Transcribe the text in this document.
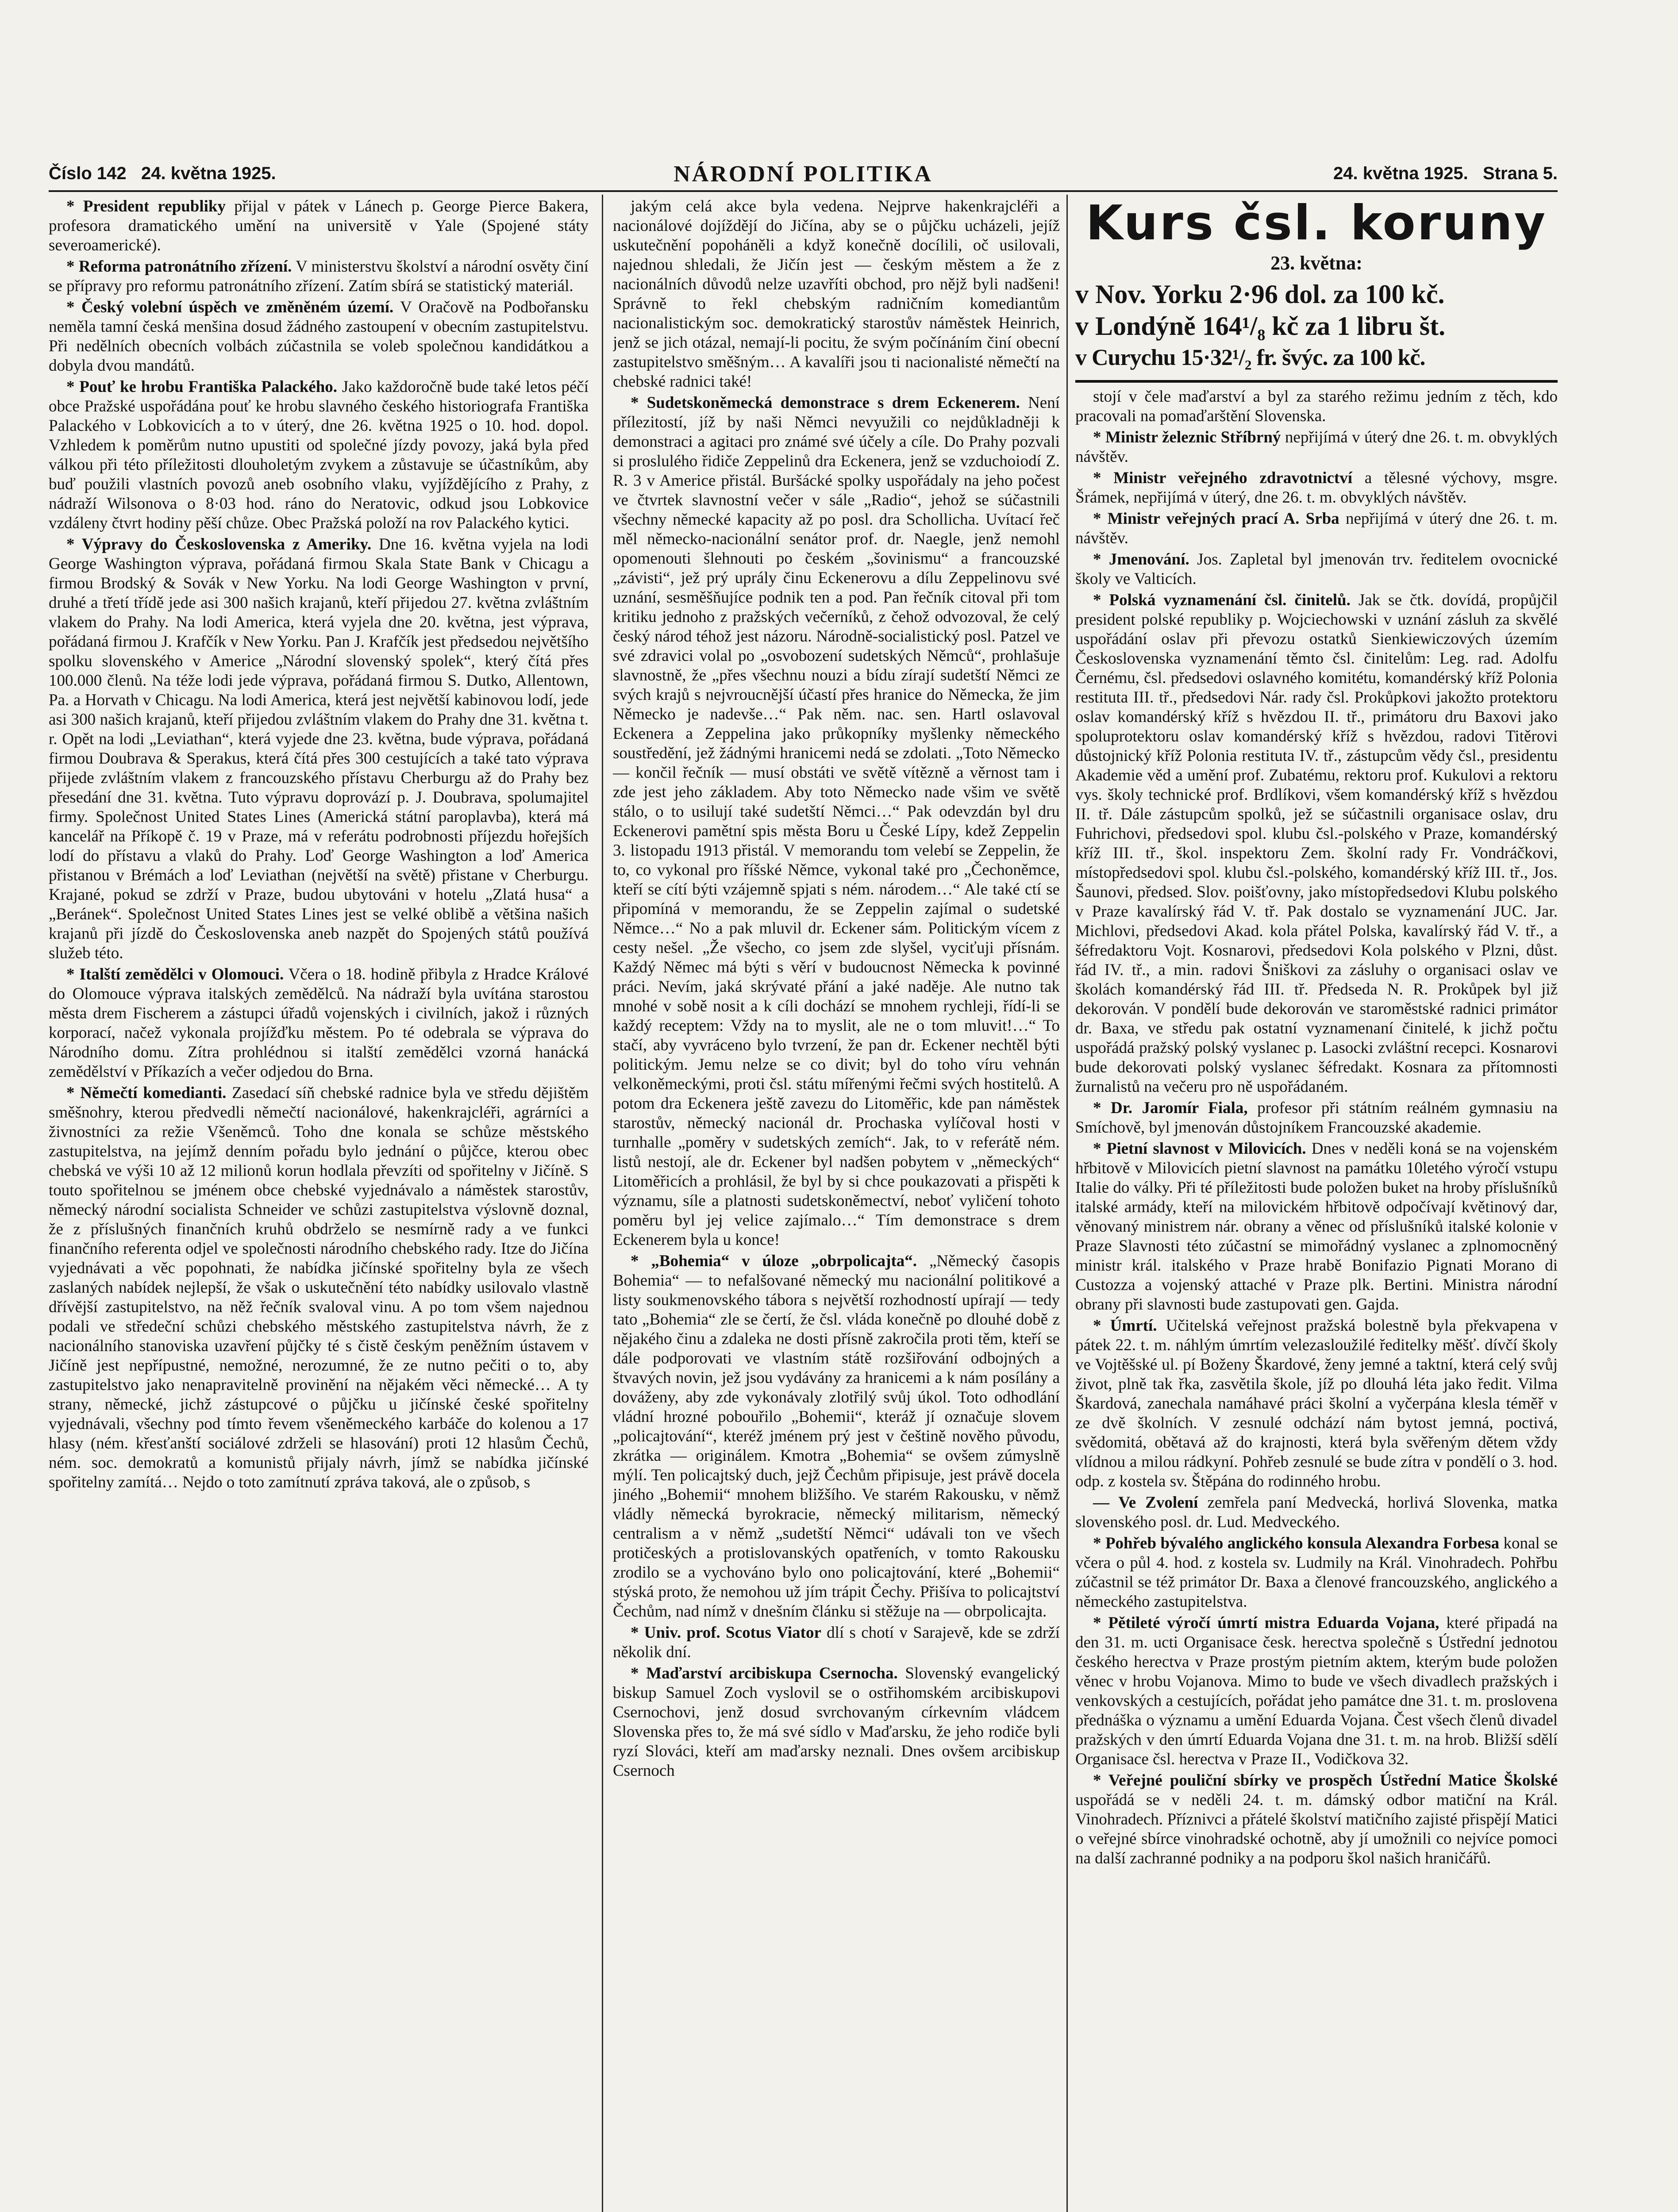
Číslo 142 24. května 1925.	NÁRODNÍ POLITIKA	24. května 1925. Strana 5.

* President republiky přijal v pátek v Lánech p. George Pierce Bakera, profesora dramatického umění na universitě v Yale (Spojené státy severoamerické).

* Reforma patronátního zřízení. V ministerstvu školství a národní osvěty činí se přípravy pro reformu patronátního zřízení. Zatím sbírá se statistický materiál.

* Český volební úspěch ve změněném území. V Oračově na Podbořansku neměla tamní česká menšina dosud žádného zastoupení v obecním zastupitelstvu. Při nedělních obecních volbách zúčastnila se voleb společnou kandidátkou a dobyla dvou mandátů.

* Pouť ke hrobu Františka Palackého. Jako každoročně bude také letos péčí obce Pražské uspořádána pouť ke hrobu slavného českého historiografa Františka Palackého v Lobkovicích a to v úterý, dne 26. května 1925 o 10. hod. dopol. Vzhledem k poměrům nutno upustiti od společné jízdy povozy, jaká byla před válkou při této příležitosti dlouholetým zvykem a zůstavuje se účastníkům, aby buď použili vlastních povozů aneb osobního vlaku, vyjíždějícího z Prahy, z nádraží Wilsonova o 8·03 hod. ráno do Neratovic, odkud jsou Lobkovice vzdáleny čtvrt hodiny pěší chůze. Obec Pražská položí na rov Palackého kytici.

* Výpravy do Československa z Ameriky. Dne 16. května vyjela na lodi George Washington výprava, pořádaná firmou Skala State Bank v Chicagu a firmou Brodský & Sovák v New Yorku. Na lodi George Washington v první, druhé a třetí třídě jede asi 300 našich krajanů, kteří přijedou 27. května zvláštním vlakem do Prahy. Na lodi America, která vyjela dne 20. května, jest výprava, pořádaná firmou J. Krafčík v New Yorku. Pan J. Krafčík jest předsedou největšího spolku slovenského v Americe „Národní slovenský spolek“, který čítá přes 100.000 členů. Na téže lodi jede výprava, pořádaná firmou S. Dutko, Allentown, Pa. a Horvath v Chicagu. Na lodi America, která jest největší kabinovou lodí, jede asi 300 našich krajanů, kteří přijedou zvláštním vlakem do Prahy dne 31. května t. r. Opět na lodi „Leviathan“, která vyjede dne 23. května, bude výprava, pořádaná firmou Doubrava & Sperakus, která čítá přes 300 cestujících a také tato výprava přijede zvláštním vlakem z francouzského přístavu Cherburgu až do Prahy bez přesedání dne 31. května. Tuto výpravu doprovází p. J. Doubrava, spolumajitel firmy. Společnost United States Lines (Americká státní paroplavba), která má kancelář na Příkopě č. 19 v Praze, má v referátu podrobnosti příjezdu hořejších lodí do přístavu a vlaků do Prahy. Loď George Washington a loď America přistanou v Brémách a loď Leviathan (největší na světě) přistane v Cherburgu. Krajané, pokud se zdrží v Praze, budou ubytováni v hotelu „Zlatá husa“ a „Beránek“. Společnost United States Lines jest se velké oblibě a většina našich krajanů při jízdě do Československa aneb nazpět do Spojených států používá služeb této.

* Italští zemědělci v Olomouci. Včera o 18. hodině přibyla z Hradce Králové do Olomouce výprava italských zemědělců. Na nádraží byla uvítána starostou města drem Fischerem a zástupci úřadů vojenských i civilních, jakož i různých korporací, načež vykonala projížďku městem. Po té odebrala se výprava do Národního domu. Zítra prohlédnou si italští zemědělci vzorná hanácká zemědělství v Příkazích a večer odjedou do Brna.

* Němečtí komedianti. Zasedací síň chebské radnice byla ve středu dějištěm směšnohry, kterou předvedli němečtí nacionálové, hakenkrajcléři, agrárníci a živnostníci za režie Všeněmců. Toho dne konala se schůze městského zastupitelstva, na jejímž denním pořadu bylo jednání o půjčce, kterou obec chebská ve výši 10 až 12 milionů korun hodlala převzíti od spořitelny v Jičíně. S touto spořitelnou se jménem obce chebské vyjednávalo a náměstek starostův, německý národní socialista Schneider ve schůzi zastupitelstva výslovně doznal, že z příslušných finančních kruhů obdrželo se nesmírně rady a ve funkci finančního referenta odjel ve společnosti národního chebského rady. Itze do Jičína vyjednávati a věc popohnati, že nabídka jičínské spořitelny byla ze všech zaslaných nabídek nejlepší, že však o uskutečnění této nabídky usilovalo vlastně dřívější zastupitelstvo, na něž řečník svaloval vinu. A po tom všem najednou podali ve středeční schůzi chebského městského zastupitelstva návrh, že z nacionálního stanoviska uzavření půjčky té s čistě českým peněžním ústavem v Jičíně jest nepřípustné, nemožné, nerozumné, že ze nutno pečiti o to, aby zastupitelstvo jako nenapravitelně provinění na nějakém věci německé… A ty strany, německé, jichž zástupcové o půjčku u jičínské české spořitelny vyjednávali, všechny pod tímto řevem všeněmeckého karbáče do kolenou a 17 hlasy (ném. křesťanští sociálové zdrželi se hlasování) proti 12 hlasům Čechů, ném. soc. demokratů a komunistů přijaly návrh, jímž se nabídka jičínské spořitelny zamítá… Nejdo o toto zamítnutí zpráva taková, ale o způsob, s

jakým celá akce byla vedena. Nejprve hakenkrajcléři a nacionálové dojíždějí do Jičína, aby se o půjčku ucházeli, jejíž uskutečnění popoháněli a když konečně docílili, oč usilovali, najednou shledali, že Jičín jest — českým městem a že z nacionálních důvodů nelze uzavříti obchod, pro nějž byli nadšeni! Správně to řekl chebským radničním komediantům nacionalistickým soc. demokratický starostův náměstek Heinrich, jenž se jich otázal, nemají-li pocitu, že svým počínáním činí obecní zastupitelstvo směšným… A kavalíři jsou ti nacionalisté němečtí na chebské radnici také!

* Sudetskoněmecká demonstrace s drem Eckenerem. Není přílezitostí, jíž by naši Němci nevyužili co nejdůkladněji k demonstraci a agitaci pro známé své účely a cíle. Do Prahy pozvali si proslulého řidiče Zeppelinů dra Eckenera, jenž se vzduchoiodí Z. R. 3 v Americe přistál. Buršácké spolky uspořádaly na jeho počest ve čtvrtek slavnostní večer v sále „Radio“, jehož se súčastnili všechny německé kapacity až po posl. dra Schollicha. Uvítací řeč měl německo-nacionální senátor prof. dr. Naegle, jenž nemohl opomenouti šlehnouti po českém „šovinismu“ a francouzské „závisti“, jež prý uprály činu Eckenerovu a dílu Zeppelinovu své uznání, sesměšňujíce podnik ten a pod. Pan řečník citoval při tom kritiku jednoho z pražských večerníků, z čehož odvozoval, že celý český národ téhož jest názoru. Národně-socialistický posl. Patzel ve své zdravici volal po „osvobození sudetských Němců“, prohlašuje slavnostně, že „přes všechnu nouzi a bídu zírají sudetští Němci ze svých krajů s nejvroucnější účastí přes hranice do Německa, že jim Německo je nadevše…“ Pak něm. nac. sen. Hartl oslavoval Eckenera a Zeppelina jako průkopníky myšlenky německého soustředění, jež žádnými hranicemi nedá se zdolati. „Toto Německo — končil řečník — musí obstáti ve světě vítězně a věrnost tam i zde jest jeho základem. Aby toto Německo nade všim ve světě stálo, o to usilují také sudetští Němci…“ Pak odevzdán byl dru Eckenerovi pamětní spis města Boru u České Lípy, kdež Zeppelin 3. listopadu 1913 přistál. V memorandu tom velebí se Zeppelin, že to, co vykonal pro říšské Němce, vykonal také pro „Čechoněmce, kteří se cítí býti vzájemně spjati s ném. národem…“ Ale také ctí se připomíná v memorandu, že se Zeppelin zajímal o sudetské Němce…“ No a pak mluvil dr. Eckener sám. Politickým vícem z cesty nešel. „Že všecho, co jsem zde slyšel, vyciťuji přísnám. Každý Němec má býti s věrí v budoucnost Německa k povinné práci. Nevím, jaká skrývaté přání a jaké naděje. Ale nutno tak mnohé v sobě nosit a k cíli dochází se mnohem rychleji, řídí-li se každý receptem: Vždy na to myslit, ale ne o tom mluvit!…“ To stačí, aby vyvráceno bylo tvrzení, že pan dr. Eckener nechtěl býti politickým. Jemu nelze se co divit; byl do toho víru vehnán velkoněmeckými, proti čsl. státu mířenými řečmi svých hostitelů. A potom dra Eckenera ještě zavezu do Litoměřic, kde pan náměstek starostův, německý nacionál dr. Prochaska vylíčoval hosti v turnhalle „poměry v sudetských zemích“. Jak, to v referátě ném. listů nestojí, ale dr. Eckener byl nadšen pobytem v „německých“ Litoměřicích a prohlásil, že byl by si chce poukazovati a přispěti k významu, síle a platnosti sudetskoněmectví, neboť vyličení tohoto poměru byl jej velice zajímalo…“ Tím demonstrace s drem Eckenerem byla u konce!

* „Bohemia“ v úloze „obrpolicajta“. „Německý časopis Bohemia“ — to nefalšované německý mu nacionální politikové a listy soukmenovského tábora s největší rozhodností upírají — tedy tato „Bohemia“ zle se čertí, že čsl. vláda konečně po dlouhé době z nějakého činu a zdaleka ne dosti přísně zakročila proti těm, kteří se dále podporovati ve vlastním státě rozšiřování odbojných a štvavých novin, jež jsou vydávány za hranicemi a k nám posílány a dováženy, aby zde vykonávaly zlotřilý svůj úkol. Toto odhodlání vládní hrozné pobouřilo „Bohemii“, kteráž jí označuje slovem „policajtování“, kteréž jménem prý jest v češtině nověho původu, zkrátka — originálem. Kmotra „Bohemia“ se ovšem zúmyslně mýlí. Ten policajtský duch, jejž Čechům připisuje, jest právě docela jiného „Bohemii“ mnohem bližšího. Ve starém Rakousku, v němž vládly německá byrokracie, německý militarism, německý centralism a v němž „sudetští Němci“ udávali ton ve všech protičeských a protislovanských opatřeních, v tomto Rakousku zrodilo se a vychováno bylo ono policajtování, které „Bohemii“ stýská proto, že nemohou už jím trápit Čechy. Přišíva to policajtství Čechům, nad nímž v dnešním článku si stěžuje na — obrpolicajta.

* Univ. prof. Scotus Viator dlí s chotí v Sarajevě, kde se zdrží několik dní.

* Maďarství arcibiskupa Csernocha. Slovenský evangelický biskup Samuel Zoch vyslovil se o ostřihomském arcibiskupovi Csernochovi, jenž dosud svrchovaným církevním vládcem Slovenska přes to, že má své sídlo v Maďarsku, že jeho rodiče byli ryzí Slováci, kteří am maďarsky neznali. Dnes ovšem arcibiskup Csernoch

Kurs čsl. koruny
23. května:

v Nov. Yorku 2·96 dol. za 100 kč.

v Londýně 164¹/₈ kč za 1 libru št.

v Curychu 15·32¹/₂ fr. švýc. za 100 kč.

stojí v čele maďarství a byl za starého režimu jedním z těch, kdo pracovali na pomaďarštění Slovenska.

* Ministr železnic Stříbrný nepřijímá v úterý dne 26. t. m. obvyklých návštěv.

* Ministr veřejného zdravotnictví a tělesné výchovy, msgre. Šrámek, nepřijímá v úterý, dne 26. t. m. obvyklých návštěv.

* Ministr veřejných prací A. Srba nepřijímá v úterý dne 26. t. m. návštěv.

* Jmenování. Jos. Zapletal byl jmenován trv. ředitelem ovocnické školy ve Valticích.

* Polská vyznamenání čsl. činitelů. Jak se čtk. dovídá, propůjčil president polské republiky p. Wojciechowski v uznání zásluh za skvělé uspořádání oslav při převozu ostatků Sienkiewiczových územím Československa vyznamenání těmto čsl. činitelům: Leg. rad. Adolfu Černému, čsl. předsedovi oslavného komitétu, komandérský kříž Polonia restituta III. tř., předsedovi Nár. rady čsl. Prokůpkovi jakožto protektoru oslav komandérský kříž s hvězdou II. tř., primátoru dru Baxovi jako spoluprotektoru oslav komandérský kříž s hvězdou, radovi Titěrovi důstojnický kříž Polonia restituta IV. tř., zástupcům vědy čsl., presidentu Akademie věd a umění prof. Zubatému, rektoru prof. Kukulovi a rektoru vys. školy technické prof. Brdlíkovi, všem komandérský kříž s hvězdou II. tř. Dále zástupcům spolků, jež se súčastnili organisace oslav, dru Fuhrichovi, předsedovi spol. klubu čsl.-polského v Praze, komandérský kříž III. tř., škol. inspektoru Zem. školní rady Fr. Vondráčkovi, místopředsedovi spol. klubu čsl.-polského, komandérský kříž III. tř., Jos. Šaunovi, předsed. Slov. poišťovny, jako místopředsedovi Klubu polského v Praze kavalírský řád V. tř. Pak dostalo se vyznamenání JUC. Jar. Michlovi, předsedovi Akad. kola přátel Polska, kavalírský řád V. tř., a šéfredaktoru Vojt. Kosnarovi, předsedovi Kola polského v Plzni, důst. řád IV. tř., a min. radovi Šniškovi za zásluhy o organisaci oslav ve školách komandérský řád III. tř. Předseda N. R. Prokůpek byl již dekorován. V pondělí bude dekorován ve staroměstské radnici primátor dr. Baxa, ve středu pak ostatní vyznamenaní činitelé, k jichž počtu uspořádá pražský polský vyslanec p. Lasocki zvláštní recepci. Kosnarovi bude dekorovati polský vyslanec šéfredakt. Kosnara za přítomnosti žurnalistů na večeru pro ně uspořádaném.

* Dr. Jaromír Fiala, profesor při státním reálném gymnasiu na Smíchově, byl jmenován důstojníkem Francouzské akademie.

* Pietní slavnost v Milovicích. Dnes v neděli koná se na vojenském hřbitově v Milovicích pietní slavnost na památku 10letého výročí vstupu Italie do války. Při té příležitosti bude položen buket na hroby příslušníků italské armády, kteří na milovickém hřbitově odpočívají květinový dar, věnovaný ministrem nár. obrany a věnec od příslušníků italské kolonie v Praze Slavnosti této zúčastní se mimořádný vyslanec a zplnomocněný ministr král. italského v Praze hrabě Bonifazio Pignati Morano di Custozza a vojenský attaché v Praze plk. Bertini. Ministra národní obrany při slavnosti bude zastupovati gen. Gajda.

* Úmrtí. Učitelská veřejnost pražská bolestně byla překvapena v pátek 22. t. m. náhlým úmrtím velezasloužilé ředitelky měšť. dívčí školy ve Vojtěšské ul. pí Boženy Škardové, ženy jemné a taktní, která celý svůj život, plně tak řka, zasvětila škole, jíž po dlouhá léta jako ředit. Vilma Škardová, zanechala namáhavé práci školní a vyčerpána klesla téměř v ze dvě školních. V zesnulé odchází nám bytost jemná, poctivá, svědomitá, obětavá až do krajnosti, která byla svěřeným dětem vždy vlídnou a milou rádkyní. Pohřeb zesnulé se bude zítra v pondělí o 3. hod. odp. z kostela sv. Štěpána do rodinného hrobu.

— Ve Zvolení zemřela paní Medvecká, horlivá Slovenka, matka slovenského posl. dr. Lud. Medveckého.

* Pohřeb bývalého anglického konsula Alexandra Forbesa konal se včera o půl 4. hod. z kostela sv. Ludmily na Král. Vinohradech. Pohřbu zúčastnil se též primátor Dr. Baxa a členové francouzského, anglického a německého zastupitelstva.

* Pětileté výročí úmrtí mistra Eduarda Vojana, které připadá na den 31. m. ucti Organisace česk. herectva společně s Ústřední jednotou českého herectva v Praze prostým pietním aktem, kterým bude položen věnec v hrobu Vojanova. Mimo to bude ve všech divadlech pražských i venkovských a cestujících, pořádat jeho památce dne 31. t. m. proslovena přednáška o významu a umění Eduarda Vojana. Čest všech členů divadel pražských v den úmrtí Eduarda Vojana dne 31. t. m. na hrob. Bližší sdělí Organisace čsl. herectva v Praze II., Vodičkova 32.

* Veřejné pouliční sbírky ve prospěch Ústřední Matice Školské uspořádá se v neděli 24. t. m. dámský odbor matiční na Král. Vinohradech. Příznivci a přátelé školství matičního zajisté přispějí Matici o veřejné sbírce vinohradské ochotně, aby jí umožnili co nejvíce pomoci na další zachranné podniky a na podporu škol našich hraničářů.
